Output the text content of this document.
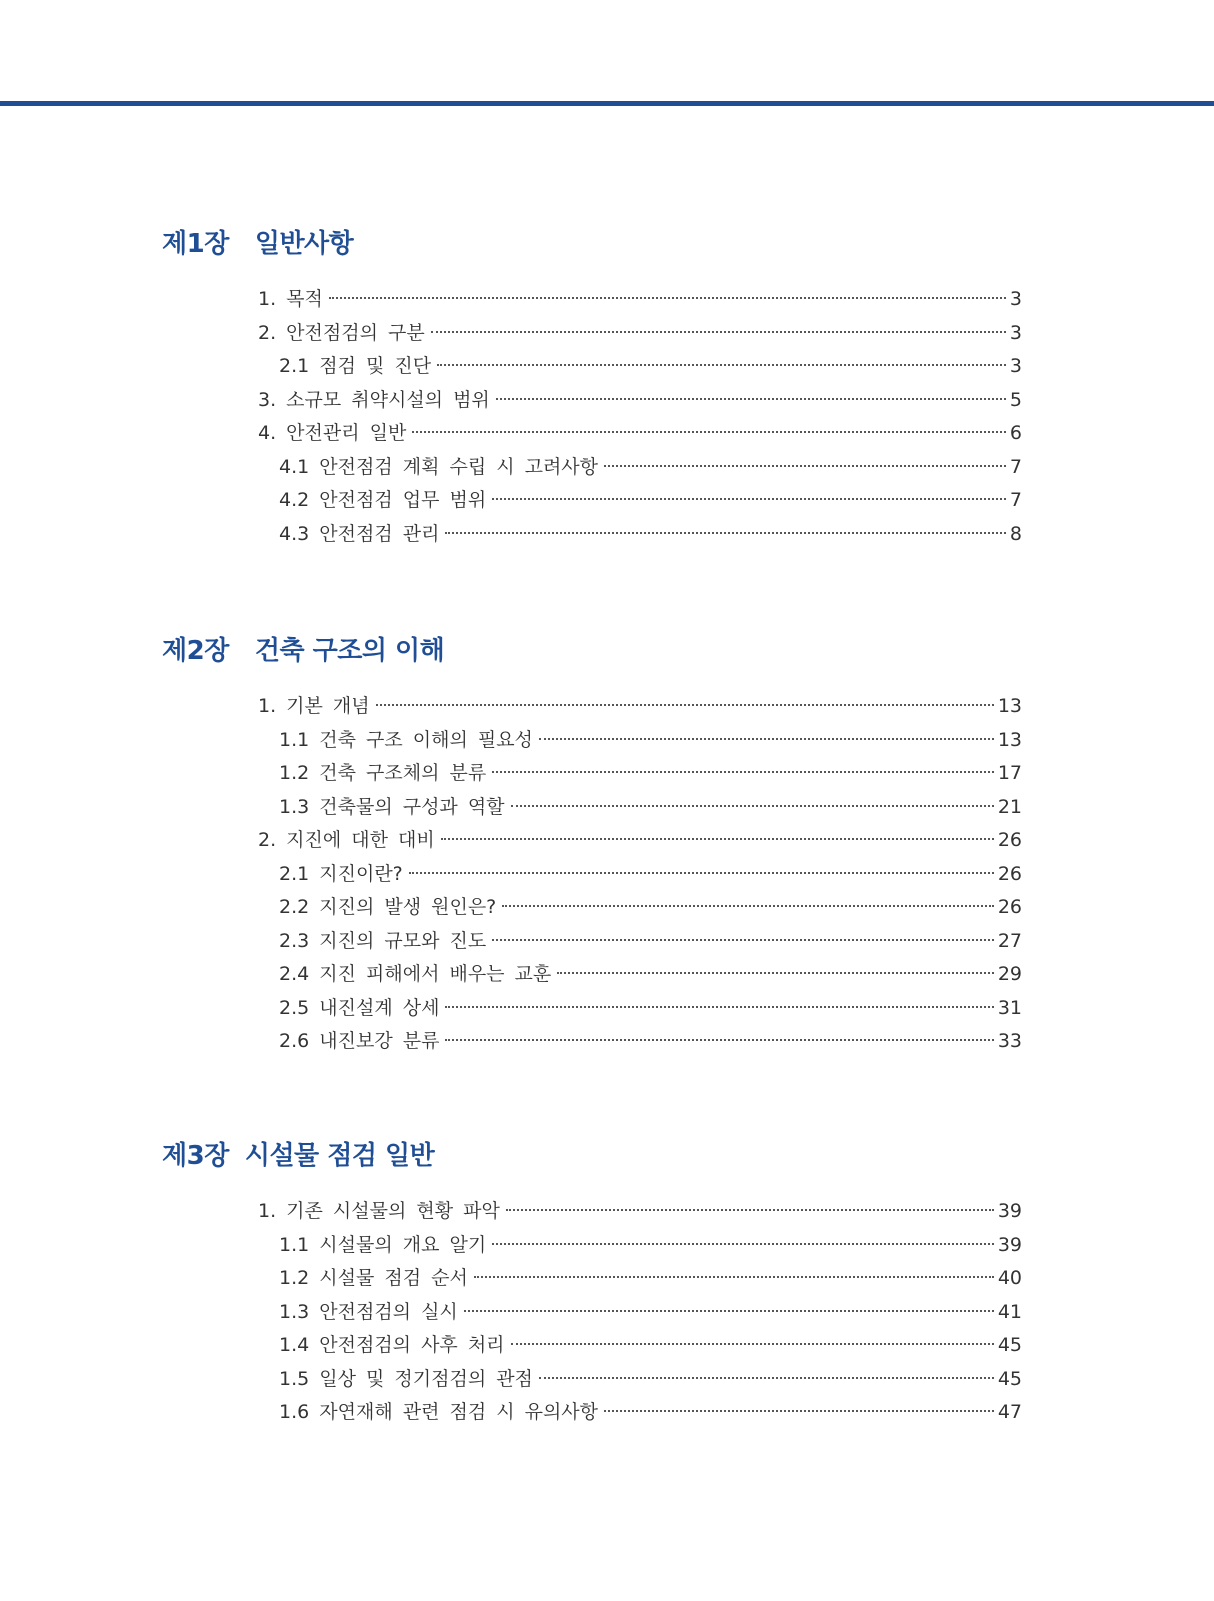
제1장 일반사항
1. 목적	3
2. 안전점검의 구분	3
2.1 점검 및 진단	3
3. 소규모 취약시설의 범위	5
4. 안전관리 일반	6
4.1 안전점검 계획 수립 시 고려사항	7
4.2 안전점검 업무 범위	7
4.3 안전점검 관리	8
제2장 건축 구조의 이해
1. 기본 개념	13
1.1 건축 구조 이해의 필요성	13
1.2 건축 구조체의 분류	17
1.3 건축물의 구성과 역할	21
2. 지진에 대한 대비	26
2.1 지진이란?	26
2.2 지진의 발생 원인은?	26
2.3 지진의 규모와 진도	27
2.4 지진 피해에서 배우는 교훈	29
2.5 내진설계 상세	31
2.6 내진보강 분류	33
제3장 시설물 점검 일반
1. 기존 시설물의 현황 파악	39
1.1 시설물의 개요 알기	39
1.2 시설물 점검 순서	40
1.3 안전점검의 실시	41
1.4 안전점검의 사후 처리	45
1.5 일상 및 정기점검의 관점	45
1.6 자연재해 관련 점검 시 유의사항	47
